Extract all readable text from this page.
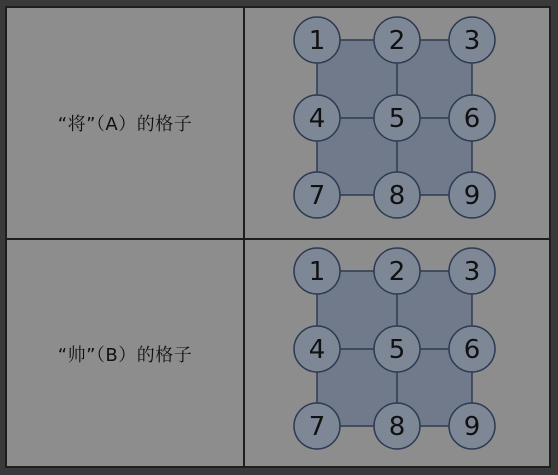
“将”（A）的格子
1 2 3
4 5 6
7 8 9
“帅”（B）的格子
1 2 3
4 5 6
7 8 9
